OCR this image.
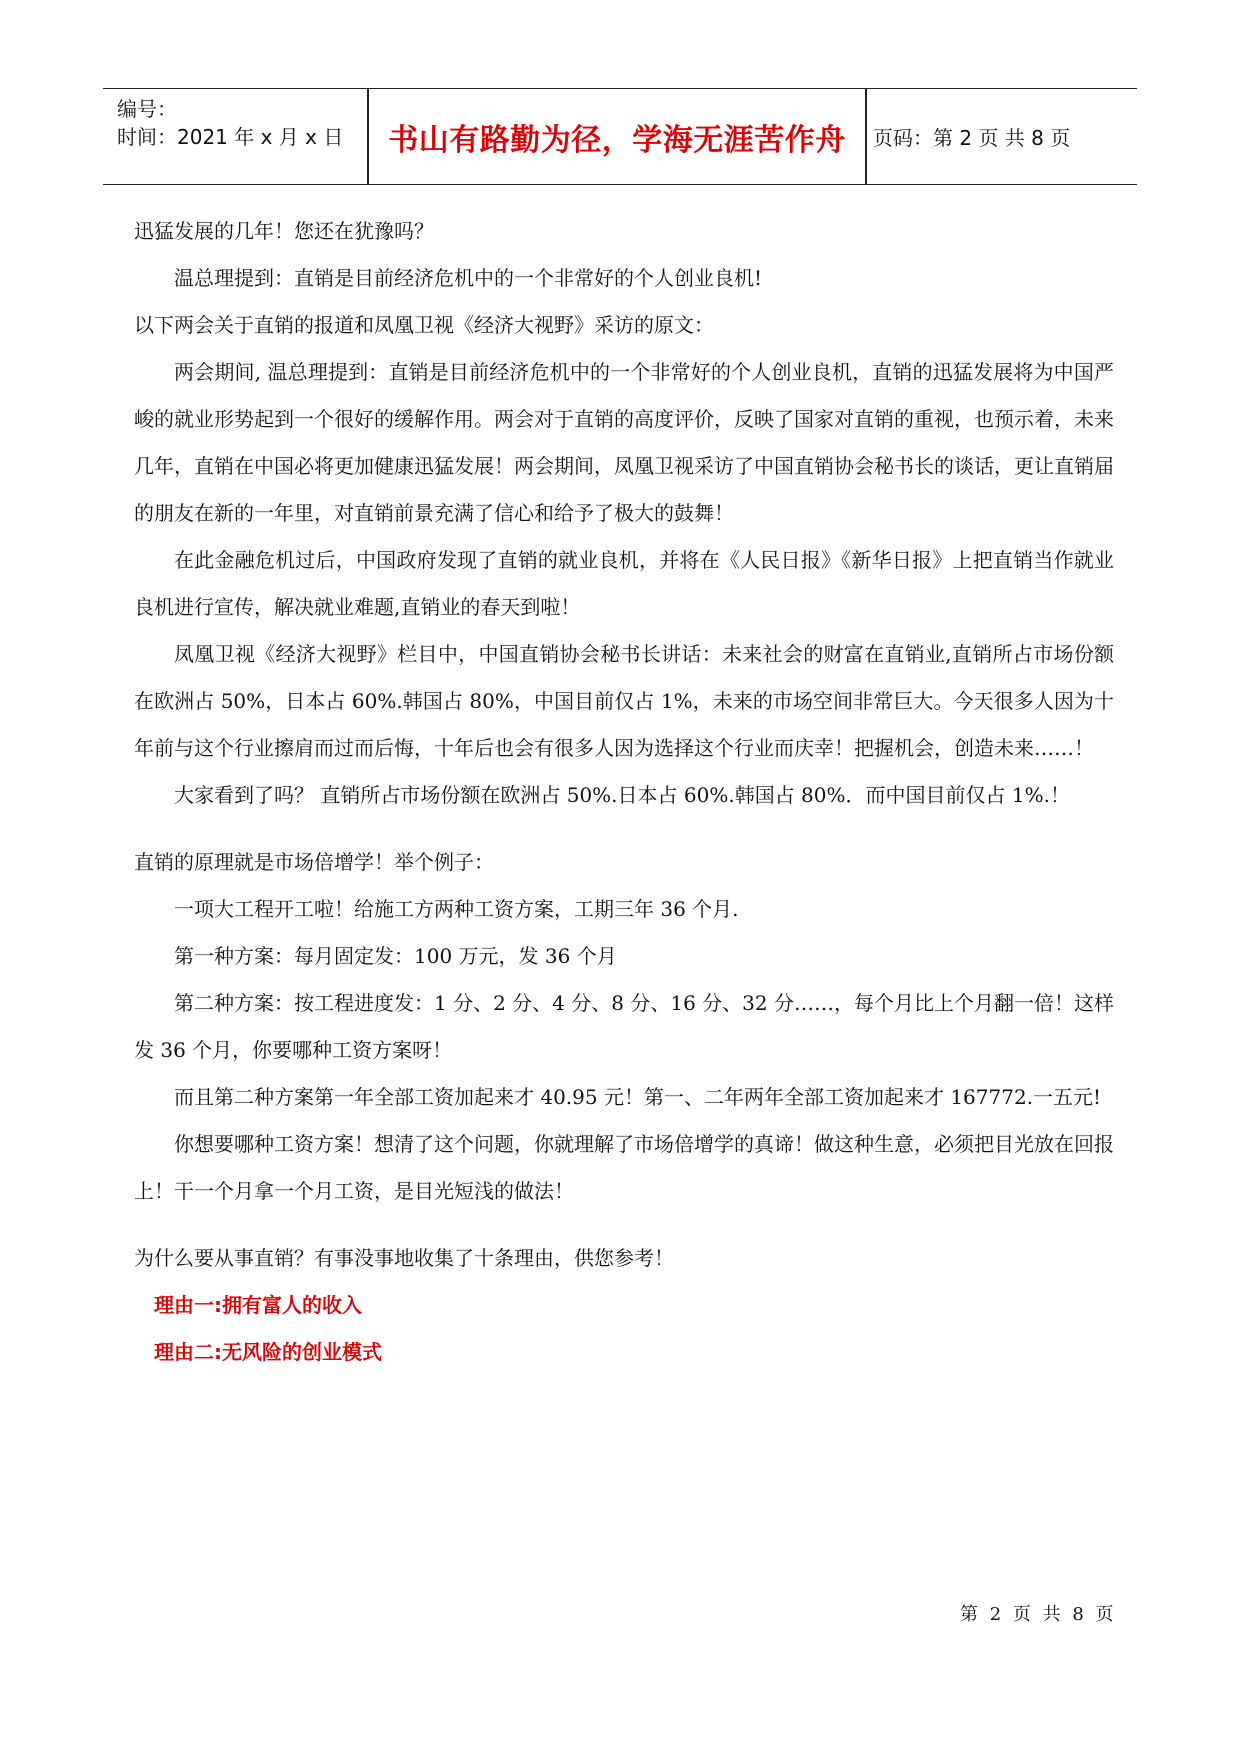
编号：
时间：2021 年 x 月 x 日	书山有路勤为径，学海无涯苦作舟	页码：第 2 页 共 8 页

迅猛发展的几年！您还在犹豫吗？

温总理提到：直销是目前经济危机中的一个非常好的个人创业良机!

以下两会关于直销的报道和凤凰卫视《经济大视野》采访的原文：

两会期间, 温总理提到：直销是目前经济危机中的一个非常好的个人创业良机，直销的迅猛发展将为中国严峻的就业形势起到一个很好的缓解作用。两会对于直销的高度评价，反映了国家对直销的重视，也预示着，未来几年，直销在中国必将更加健康迅猛发展！两会期间，凤凰卫视采访了中国直销协会秘书长的谈话，更让直销届的朋友在新的一年里，对直销前景充满了信心和给予了极大的鼓舞！

在此金融危机过后，中国政府发现了直销的就业良机，并将在《人民日报》《新华日报》上把直销当作就业良机进行宣传，解决就业难题,直销业的春天到啦！

凤凰卫视《经济大视野》栏目中，中国直销协会秘书长讲话：未来社会的财富在直销业,直销所占市场份额在欧洲占 50%，日本占 60%.韩国占 80%，中国目前仅占 1%，未来的市场空间非常巨大。今天很多人因为十年前与这个行业擦肩而过而后悔，十年后也会有很多人因为选择这个行业而庆幸！把握机会，创造未来……！

大家看到了吗？ 直销所占市场份额在欧洲占 50%.日本占 60%.韩国占 80%．而中国目前仅占 1%.！

直销的原理就是市场倍增学！举个例子：

一项大工程开工啦！给施工方两种工资方案，工期三年 36 个月.

第一种方案：每月固定发：100 万元，发 36 个月

第二种方案：按工程进度发：1 分、2 分、4 分、8 分、16 分、32 分……，每个月比上个月翻一倍！这样发 36 个月，你要哪种工资方案呀！

而且第二种方案第一年全部工资加起来才 40.95 元！第一、二年两年全部工资加起来才 167772.一五元!

你想要哪种工资方案！想清了这个问题，你就理解了市场倍增学的真谛！做这种生意，必须把目光放在回报上！干一个月拿一个月工资，是目光短浅的做法！

为什么要从事直销？有事没事地收集了十条理由，供您参考！

理由一:拥有富人的收入

理由二:无风险的创业模式

第 2 页 共 8 页
